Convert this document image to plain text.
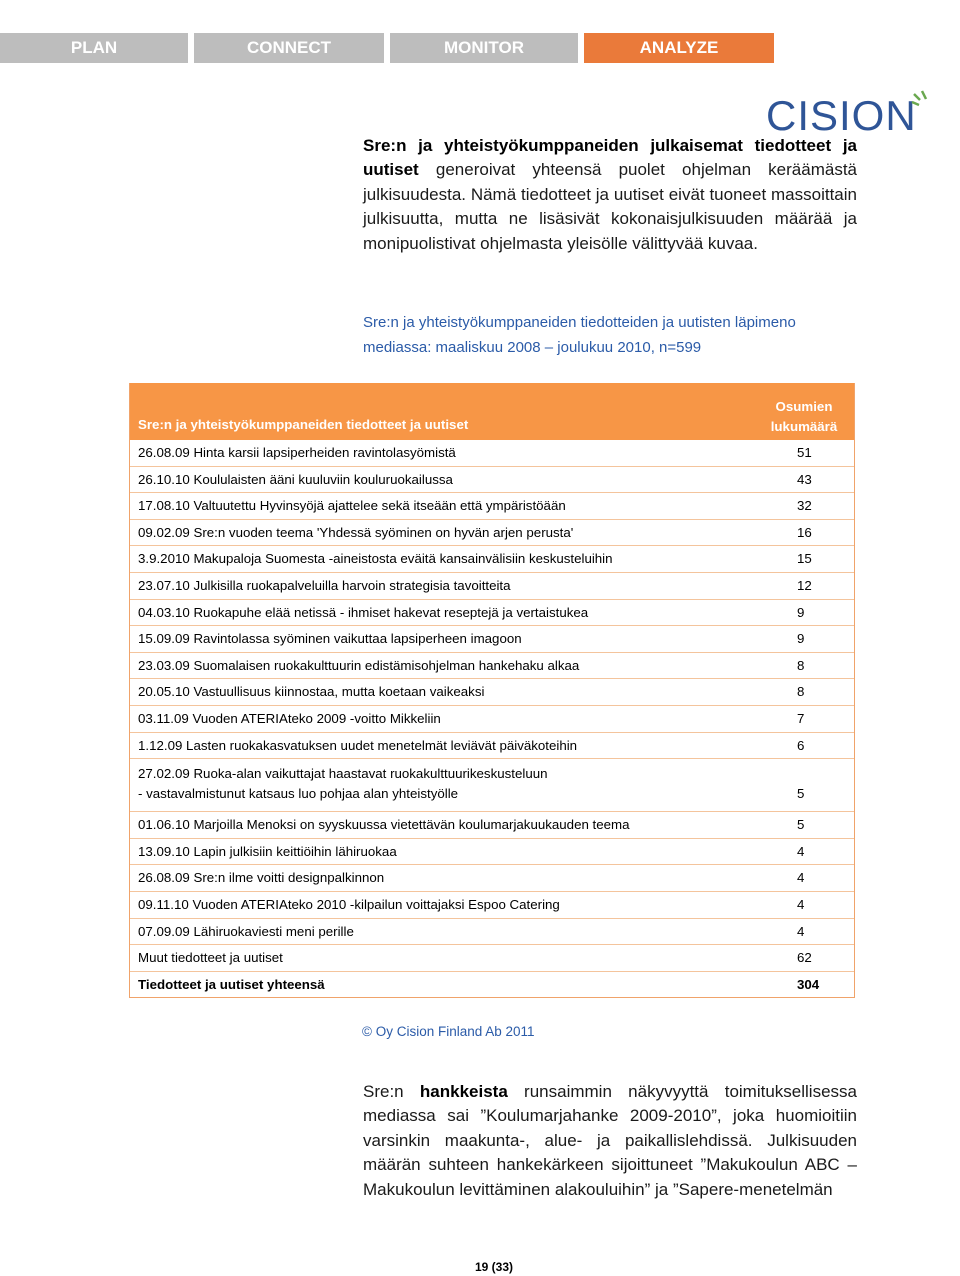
PLAN	CONNECT	MONITOR	ANALYZE
CISION
Sre:n ja yhteistyökumppaneiden julkaisemat tiedotteet ja uutiset generoivat yhteensä puolet ohjelman keräämästä julkisuudesta. Nämä tiedotteet ja uutiset eivät tuoneet massoittain julkisuutta, mutta ne lisäsivät kokonaisjulkisuuden määrää ja monipuolistivat ohjelmasta yleisölle välittyvää kuvaa.
Sre:n ja yhteistyökumppaneiden tiedotteiden ja uutisten läpimeno
mediassa: maaliskuu 2008 – joulukuu 2010, n=599
Sre:n ja yhteistyökumppaneiden tiedotteet ja uutiset
Osumien
lukumäärä
26.08.09 Hinta karsii lapsiperheiden ravintolasyömistä	51
26.10.10 Koululaisten ääni kuuluviin kouluruokailussa	43
17.08.10 Valtuutettu Hyvinsyöjä ajattelee sekä itseään että ympäristöään	32
09.02.09 Sre:n vuoden teema 'Yhdessä syöminen on hyvän arjen perusta'	16
3.9.2010 Makupaloja Suomesta -aineistosta eväitä kansainvälisiin keskusteluihin	15
23.07.10 Julkisilla ruokapalveluilla harvoin strategisia tavoitteita	12
04.03.10 Ruokapuhe elää netissä - ihmiset hakevat reseptejä ja vertaistukea	9
15.09.09 Ravintolassa syöminen vaikuttaa lapsiperheen imagoon	9
23.03.09 Suomalaisen ruokakulttuurin edistämisohjelman hankehaku alkaa	8
20.05.10 Vastuullisuus kiinnostaa, mutta koetaan vaikeaksi	8
03.11.09 Vuoden ATERIAteko 2009 -voitto Mikkeliin	7
1.12.09 Lasten ruokakasvatuksen uudet menetelmät leviävät päiväkoteihin	6
27.02.09 Ruoka-alan vaikuttajat haastavat ruokakulttuurikeskusteluun
- vastavalmistunut katsaus luo pohjaa alan yhteistyölle	5
01.06.10 Marjoilla Menoksi on syyskuussa vietettävän koulumarjakuukauden teema	5
13.09.10 Lapin julkisiin keittiöihin lähiruokaa	4
26.08.09 Sre:n ilme voitti designpalkinnon	4
09.11.10 Vuoden ATERIAteko 2010 -kilpailun voittajaksi Espoo Catering	4
07.09.09 Lähiruokaviesti meni perille	4
Muut tiedotteet ja uutiset	62
Tiedotteet ja uutiset yhteensä	304
© Oy Cision Finland Ab 2011
Sre:n hankkeista runsaimmin näkyvyyttä toimituksellisessa mediassa sai ”Koulumarjahanke 2009-2010”, joka huomioitiin varsinkin maakunta-, alue- ja paikallislehdissä. Julkisuuden määrän suhteen hankekärkeen sijoittuneet ”Makukoulun ABC – Makukoulun levittäminen alakouluihin” ja ”Sapere-menetelmän
19 (33)
